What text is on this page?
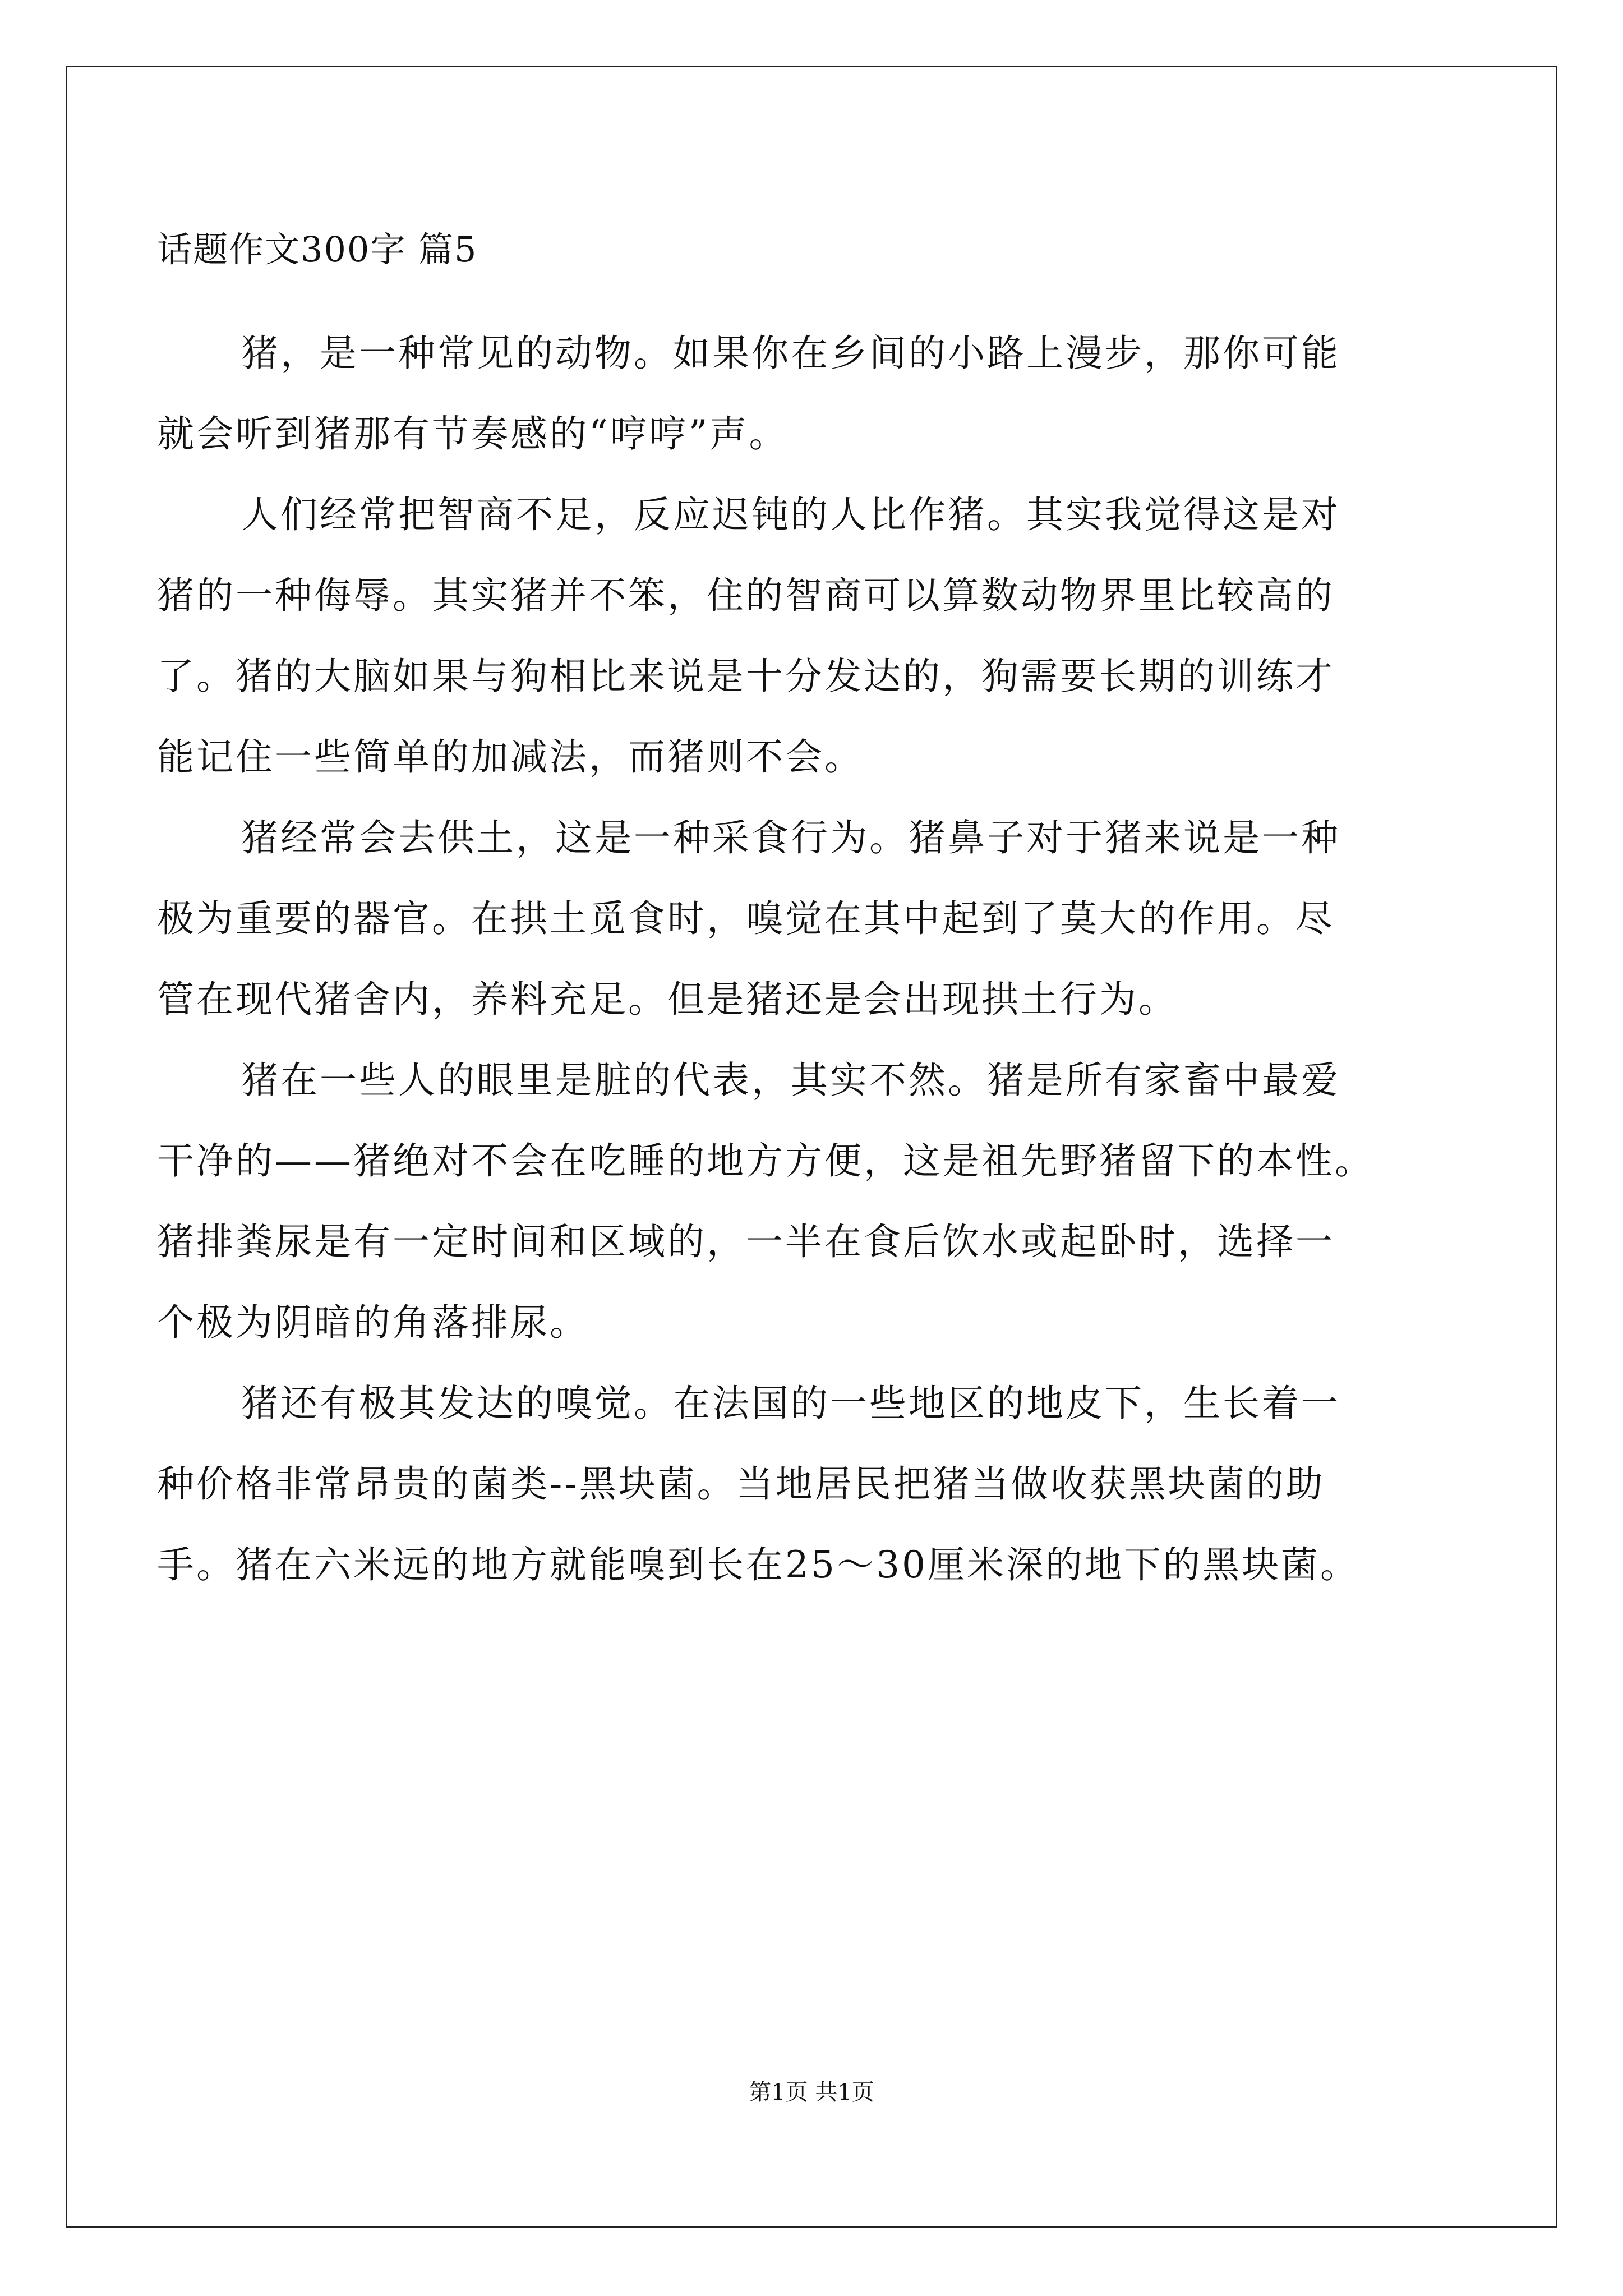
话题作文300字 篇5
猪，是一种常见的动物。如果你在乡间的小路上漫步，那你可能
就会听到猪那有节奏感的“哼哼”声。
人们经常把智商不足，反应迟钝的人比作猪。其实我觉得这是对
猪的一种侮辱。其实猪并不笨，住的智商可以算数动物界里比较高的
了。猪的大脑如果与狗相比来说是十分发达的，狗需要长期的训练才
能记住一些简单的加减法，而猪则不会。
猪经常会去供土，这是一种采食行为。猪鼻子对于猪来说是一种
极为重要的器官。在拱土觅食时，嗅觉在其中起到了莫大的作用。尽
管在现代猪舍内，养料充足。但是猪还是会出现拱土行为。
猪在一些人的眼里是脏的代表，其实不然。猪是所有家畜中最爱
干净的——猪绝对不会在吃睡的地方方便，这是祖先野猪留下的本性。
猪排粪尿是有一定时间和区域的，一半在食后饮水或起卧时，选择一
个极为阴暗的角落排尿。
猪还有极其发达的嗅觉。在法国的一些地区的地皮下，生长着一
种价格非常昂贵的菌类--黑块菌。当地居民把猪当做收获黑块菌的助
手。猪在六米远的地方就能嗅到长在25～30厘米深的地下的黑块菌。
第1页 共1页
